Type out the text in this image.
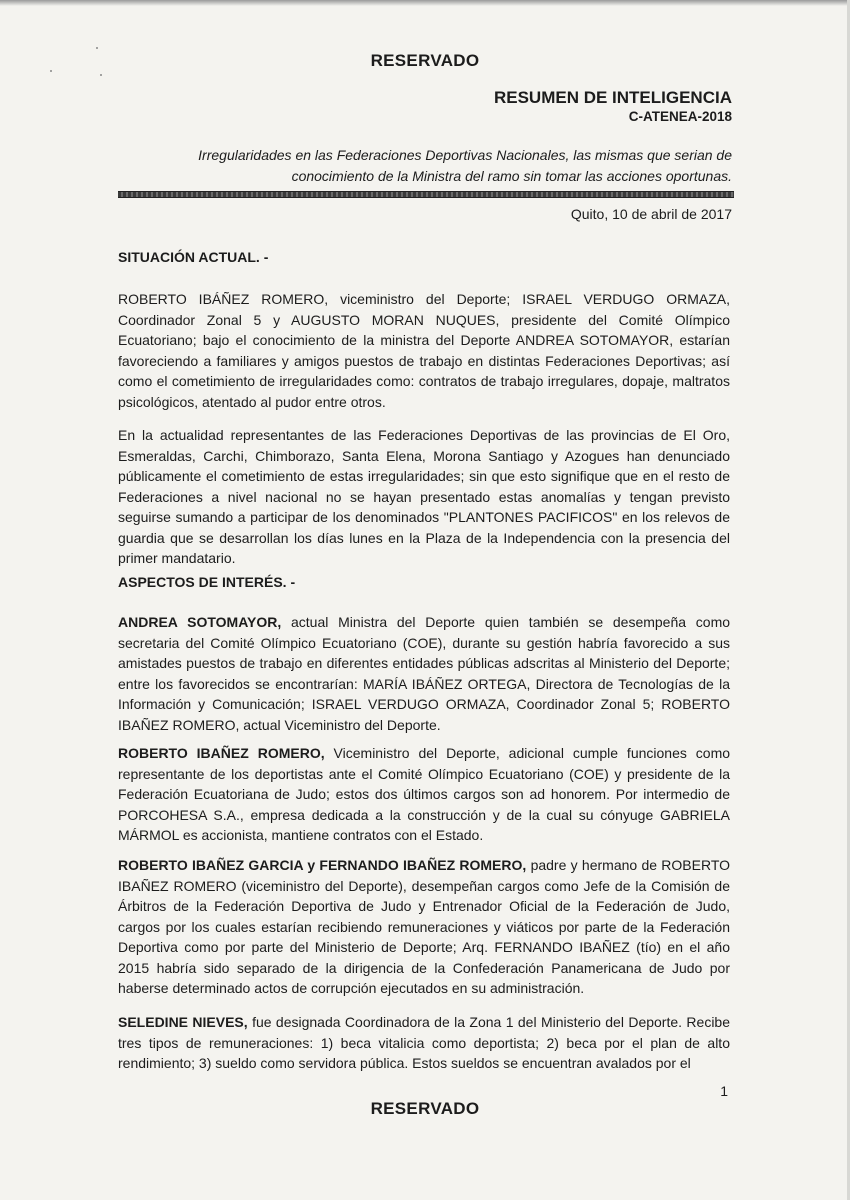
RESERVADO
RESUMEN DE INTELIGENCIA
C-ATENEA-2018
Irregularidades en las Federaciones Deportivas Nacionales, las mismas que serian de conocimiento de la Ministra del ramo sin tomar las acciones oportunas.
Quito, 10 de abril de 2017
SITUACIÓN ACTUAL. -

ROBERTO IBÁÑEZ ROMERO, viceministro del Deporte; ISRAEL VERDUGO ORMAZA, Coordinador Zonal 5 y AUGUSTO MORAN NUQUES, presidente del Comité Olímpico Ecuatoriano; bajo el conocimiento de la ministra del Deporte ANDREA SOTOMAYOR, estarían favoreciendo a familiares y amigos puestos de trabajo en distintas Federaciones Deportivas; así como el cometimiento de irregularidades como: contratos de trabajo irregulares, dopaje, maltratos psicológicos, atentado al pudor entre otros.

En la actualidad representantes de las Federaciones Deportivas de las provincias de El Oro, Esmeraldas, Carchi, Chimborazo, Santa Elena, Morona Santiago y Azogues han denunciado públicamente el cometimiento de estas irregularidades; sin que esto signifique que en el resto de Federaciones a nivel nacional no se hayan presentado estas anomalías y tengan previsto seguirse sumando a participar de los denominados "PLANTONES PACIFICOS" en los relevos de guardia que se desarrollan los días lunes en la Plaza de la Independencia con la presencia del primer mandatario.

ASPECTOS DE INTERÉS. -

ANDREA SOTOMAYOR, actual Ministra del Deporte quien también se desempeña como secretaria del Comité Olímpico Ecuatoriano (COE), durante su gestión habría favorecido a sus amistades puestos de trabajo en diferentes entidades públicas adscritas al Ministerio del Deporte; entre los favorecidos se encontrarían: MARÍA IBÁÑEZ ORTEGA, Directora de Tecnologías de la Información y Comunicación; ISRAEL VERDUGO ORMAZA, Coordinador Zonal 5; ROBERTO IBAÑEZ ROMERO, actual Viceministro del Deporte.

ROBERTO IBAÑEZ ROMERO, Viceministro del Deporte, adicional cumple funciones como representante de los deportistas ante el Comité Olímpico Ecuatoriano (COE) y presidente de la Federación Ecuatoriana de Judo; estos dos últimos cargos son ad honorem. Por intermedio de PORCOHESA S.A., empresa dedicada a la construcción y de la cual su cónyuge GABRIELA MÁRMOL es accionista, mantiene contratos con el Estado.

ROBERTO IBAÑEZ GARCIA y FERNANDO IBAÑEZ ROMERO, padre y hermano de ROBERTO IBAÑEZ ROMERO (viceministro del Deporte), desempeñan cargos como Jefe de la Comisión de Árbitros de la Federación Deportiva de Judo y Entrenador Oficial de la Federación de Judo, cargos por los cuales estarían recibiendo remuneraciones y viáticos por parte de la Federación Deportiva como por parte del Ministerio de Deporte; Arq. FERNANDO IBAÑEZ (tío) en el año 2015 habría sido separado de la dirigencia de la Confederación Panamericana de Judo por haberse determinado actos de corrupción ejecutados en su administración.

SELEDINE NIEVES, fue designada Coordinadora de la Zona 1 del Ministerio del Deporte. Recibe tres tipos de remuneraciones: 1) beca vitalicia como deportista; 2) beca por el plan de alto rendimiento; 3) sueldo como servidora pública. Estos sueldos se encuentran avalados por el

1
RESERVADO
